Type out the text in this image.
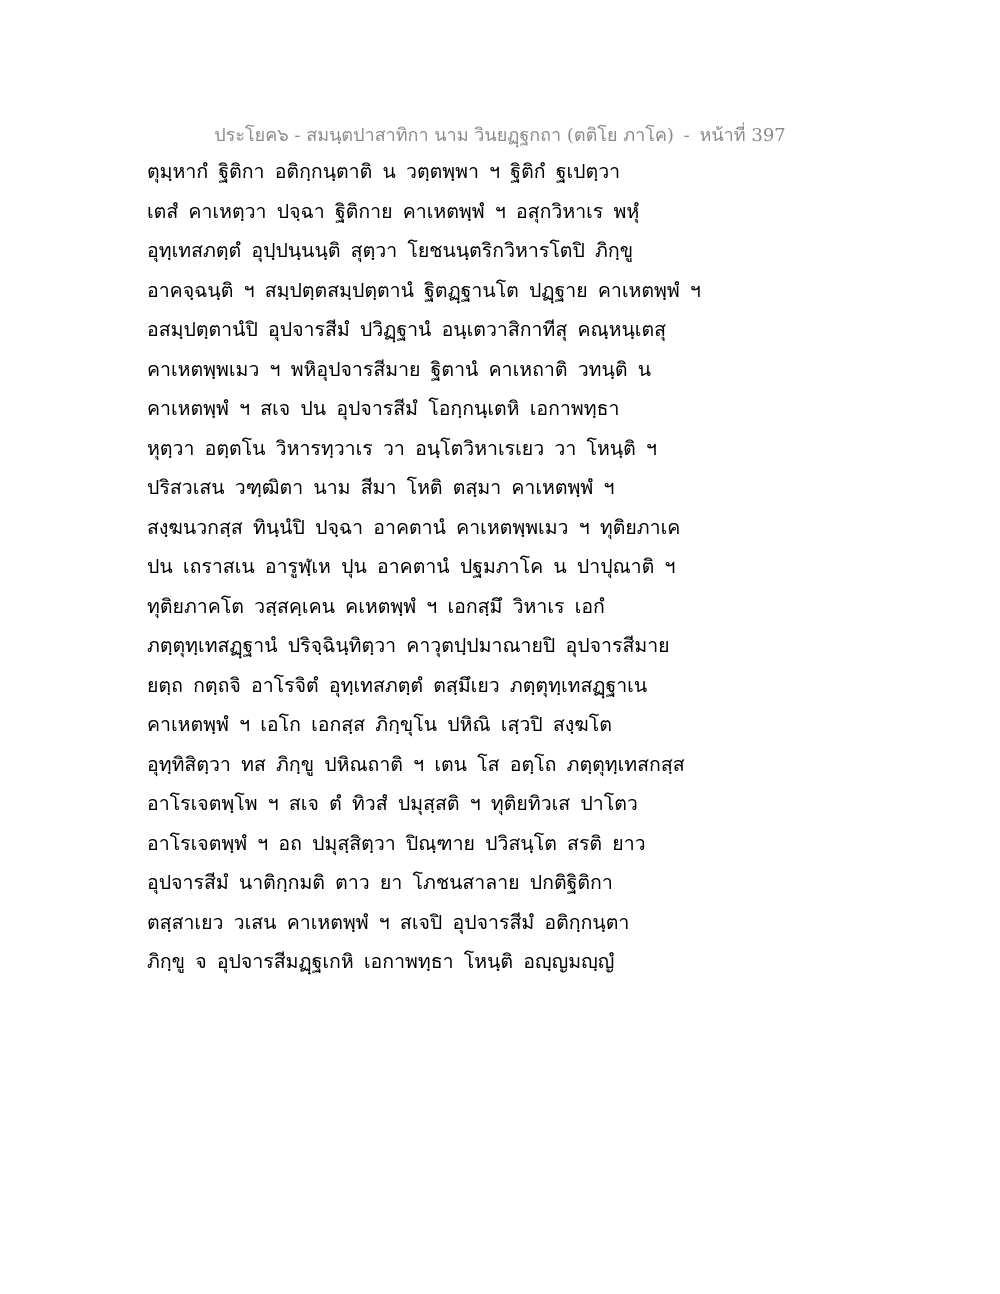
ประโยค๖ - สมนฺตปาสาทิกา นาม วินยฏฺฐกถา (ตติโย ภาโค) - หน้าที่ 397
ตุมฺหากํ ฐิติกา อติกฺกนฺตาติ น วตฺตพฺพา ฯ ฐิติกํ ฐเปตฺวา
เตสํ คาเหตฺวา ปจฺฉา ฐิติกาย คาเหตพฺพํ ฯ อสุกวิหาเร พหุํ
อุทฺเทสภตฺตํ อุปฺปนฺนนฺติ สุตฺวา โยชนนฺตริกวิหารโตปิ ภิกฺขู
อาคจฺฉนฺติ ฯ สมฺปตฺตสมฺปตฺตานํ ฐิตฏฺฐานโต ปฏฺฐาย คาเหตพฺพํ ฯ
อสมฺปตฺตานํปิ อุปจารสีมํ ปวิฏฺฐานํ อนฺเตวาสิกาทีสุ คณฺหนฺเตสุ
คาเหตพฺพเมว ฯ พหิอุปจารสีมาย ฐิตานํ คาเหถาติ วทนฺติ น
คาเหตพฺพํ ฯ สเจ ปน อุปจารสีมํ โอกฺกนฺเตหิ เอกาพทฺธา
หุตฺวา อตฺตโน วิหารทฺวาเร วา อนฺโตวิหาเรเยว วา โหนฺติ ฯ
ปริสวเสน วฑฺฒิตา นาม สีมา โหติ ตสฺมา คาเหตพฺพํ ฯ
สงฺฆนวกสฺส ทินฺนํปิ ปจฺฉา อาคตานํ คาเหตพฺพเมว ฯ ทุติยภาเค
ปน เถราสเน อารูฬฺเห ปุน อาคตานํ ปฐมภาโค น ปาปุณาติ ฯ
ทุติยภาคโต วสฺสคฺเคน คเหตพฺพํ ฯ เอกสฺมึ วิหาเร เอกํ
ภตฺตุทฺเทสฏฺฐานํ ปริจฺฉินฺทิตฺวา คาวุตปฺปมาณายปิ อุปจารสีมาย
ยตฺถ กตฺถจิ อาโรจิตํ อุทฺเทสภตฺตํ ตสฺมึเยว ภตฺตุทฺเทสฏฺฐาเน
คาเหตพฺพํ ฯ เอโก เอกสฺส ภิกฺขุโน ปหิณิ เสฺวปิ สงฺฆโต
อุทฺทิสิตฺวา ทส ภิกฺขู ปหิณถาติ ฯ เตน โส อตฺโถ ภตฺตุทฺเทสกสฺส
อาโรเจตพฺโพ ฯ สเจ ตํ ทิวสํ ปมุสฺสติ ฯ ทุติยทิวเส ปาโตว
อาโรเจตพฺพํ ฯ อถ ปมุสฺสิตฺวา ปิณฺฑาย ปวิสนฺโต สรติ ยาว
อุปจารสีมํ นาติกฺกมติ ตาว ยา โภชนสาลาย ปกติฐิติกา
ตสฺสาเยว วเสน คาเหตพฺพํ ฯ สเจปิ อุปจารสีมํ อติกฺกนฺตา
ภิกฺขู จ อุปจารสีมฏฺฐเกหิ เอกาพทฺธา โหนฺติ อญฺญมญฺญํ
